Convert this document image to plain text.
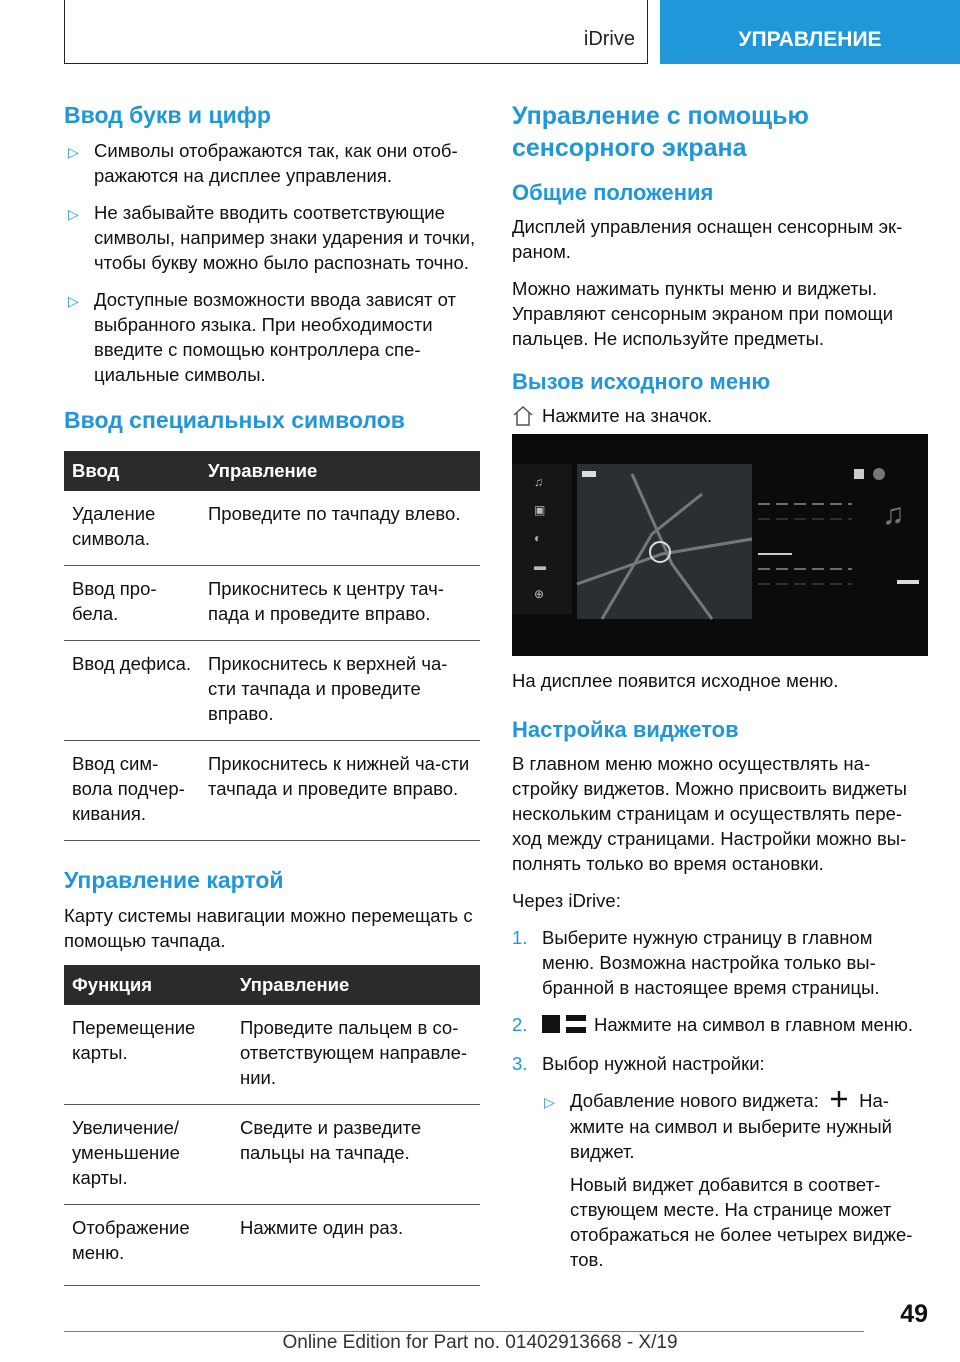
iDrive	УПРАВЛЕНИЕ
Ввод букв и цифр
▷ Символы отображаются так, как они отоб‐ражаются на дисплее управления.
▷ Не забывайте вводить соответствующие символы, например знаки ударения и точки, чтобы букву можно было распознать точно.
▷ Доступные возможности ввода зависят от выбранного языка. При необходимости введите с помощью контроллера спе‐циальные символы.
Ввод специальных символов
Ввод	Управление
Удаление символа.	Проведите по тачпаду влево.
Ввод про‐бела.	Прикоснитесь к центру тач‐пада и проведите вправо.
Ввод дефиса.	Прикоснитесь к верхней ча‐сти тачпада и проведите вправо.
Ввод сим‐вола подчер‐кивания.	Прикоснитесь к нижней ча‐сти тачпада и проведите вправо.
Управление картой

Карту системы навигации можно перемещать с помощью тачпада.

Функция	Управление
Перемещение карты.	Проведите пальцем в со‐ответствующем направле‐нии.
Увеличение/ уменьшение карты.	Сведите и разведите пальцы на тачпаде.
Отображение меню.	Нажмите один раз.
Управление с помощью сенсорного экрана
Общие положения

Дисплей управления оснащен сенсорным эк‐раном.

Можно нажимать пункты меню и виджеты. Управляют сенсорным экраном при помощи пальцев. Не используйте предметы.

Вызов исходного меню
Нажмите на значок.
♫
▣
◐
▬
⊕
♫

На дисплее появится исходное меню.

Настройка виджетов

В главном меню можно осуществлять на‐стройку виджетов. Можно присвоить виджеты нескольким страницам и осуществлять пере‐ход между страницами. Настройки можно вы‐полнять только во время остановки.

Через iDrive:

1. Выберите нужную страницу в главном меню. Возможна настройка только вы‐бранной в настоящее время страницы.
2.	Нажмите на символ в главном меню.
3. Выбор нужной настройки:
▷ Добавление нового виджета: На‐жмите на символ и выберите нужный виджет.

Новый виджет добавится в соответ‐ствующем месте. На странице может отображаться не более четырех видже‐тов.

49
Online Edition for Part no. 01402913668 - X/19
